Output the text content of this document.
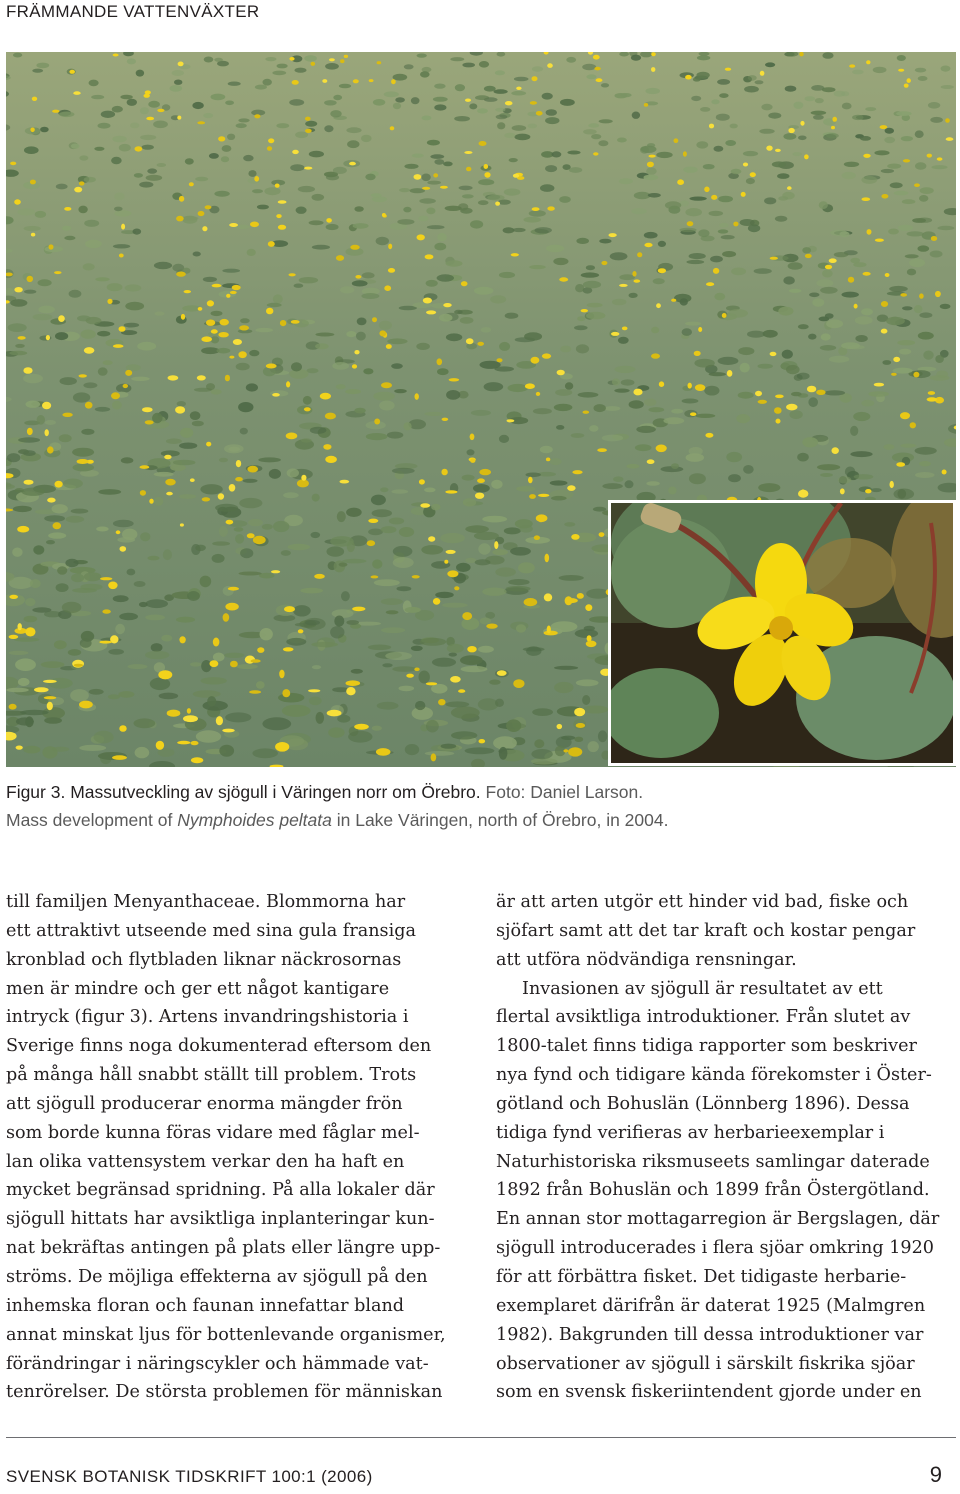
FRÄMMANDE VATTENVÄXTER
Figur 3. Massutveckling av sjögull i Väringen norr om Örebro. Foto: Daniel Larson.
Mass development of Nymphoides peltata in Lake Väringen, north of Örebro, in 2004.
till familjen Menyanthaceae. Blommorna har
ett attraktivt utseende med sina gula fransiga
kronblad och flytbladen liknar näckrosornas
men är mindre och ger ett något kantigare
intryck (figur 3). Artens invandringshistoria i
Sverige finns noga dokumenterad eftersom den
på många håll snabbt ställt till problem. Trots
att sjögull producerar enorma mängder frön
som borde kunna föras vidare med fåglar mel-
lan olika vattensystem verkar den ha haft en
mycket begränsad spridning. På alla lokaler där
sjögull hittats har avsiktliga inplanteringar kun-
nat bekräftas antingen på plats eller längre upp-
ströms. De möjliga effekterna av sjögull på den
inhemska floran och faunan innefattar bland
annat minskat ljus för bottenlevande organismer,
förändringar i näringscykler och hämmade vat-
tenrörelser. De största problemen för människan
är att arten utgör ett hinder vid bad, fiske och
sjöfart samt att det tar kraft och kostar pengar
att utföra nödvändiga rensningar.
Invasionen av sjögull är resultatet av ett
flertal avsiktliga introduktioner. Från slutet av
1800-talet finns tidiga rapporter som beskriver
nya fynd och tidigare kända förekomster i Öster-
götland och Bohuslän (Lönnberg 1896). Dessa
tidiga fynd verifieras av herbarieexemplar i
Naturhistoriska riksmuseets samlingar daterade
1892 från Bohuslän och 1899 från Östergötland.
En annan stor mottagarregion är Bergslagen, där
sjögull introducerades i flera sjöar omkring 1920
för att förbättra fisket. Det tidigaste herbarie-
exemplaret därifrån är daterat 1925 (Malmgren
1982). Bakgrunden till dessa introduktioner var
observationer av sjögull i särskilt fiskrika sjöar
som en svensk fiskeriintendent gjorde under en
SVENSK BOTANISK TIDSKRIFT 100:1 (2006)	9
